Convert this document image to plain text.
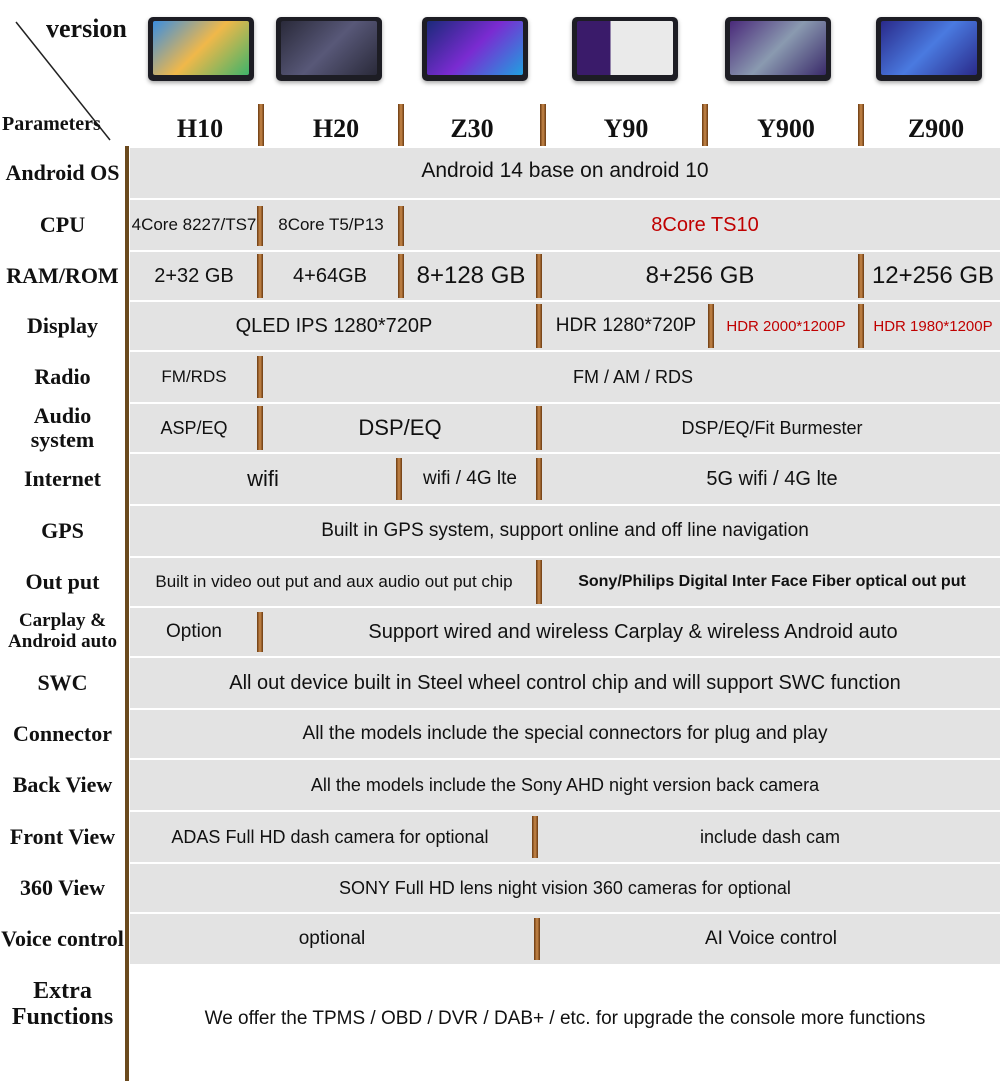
version
Parameters	H10	H20	Z30	Y90	Y900	Z900
Android OS	Android 14 base on android 10
CPU	4Core 8227/TS7	8Core T5/P13	8Core TS10
RAM/ROM	2+32 GB	4+64GB	8+128 GB	8+256 GB	12+256 GB
Display	QLED IPS 1280*720P	HDR 1280*720P	HDR 2000*1200P	HDR 1980*1200P
Radio	FM/RDS	FM / AM / RDS
Audio system	ASP/EQ	DSP/EQ	DSP/EQ/Fit Burmester
Internet	wifi	wifi / 4G lte	5G wifi / 4G lte
GPS	Built in GPS system, support online and off line navigation
Out put	Built in video out put and aux audio out put chip	Sony/Philips Digital Inter Face Fiber optical out put
Carplay & Android auto	Option	Support wired and wireless Carplay & wireless Android auto
SWC	All out device built in Steel wheel control chip and will support SWC function
Connector	All the models include the special connectors for plug and play
Back View	All the models include the Sony AHD night version back camera
Front View	ADAS Full HD dash camera for optional	include dash cam
360 View	SONY Full HD lens night vision 360 cameras for optional
Voice control	optional	AI Voice control
Extra Functions	We offer the TPMS / OBD / DVR / DAB+ / etc. for upgrade the console more functions
